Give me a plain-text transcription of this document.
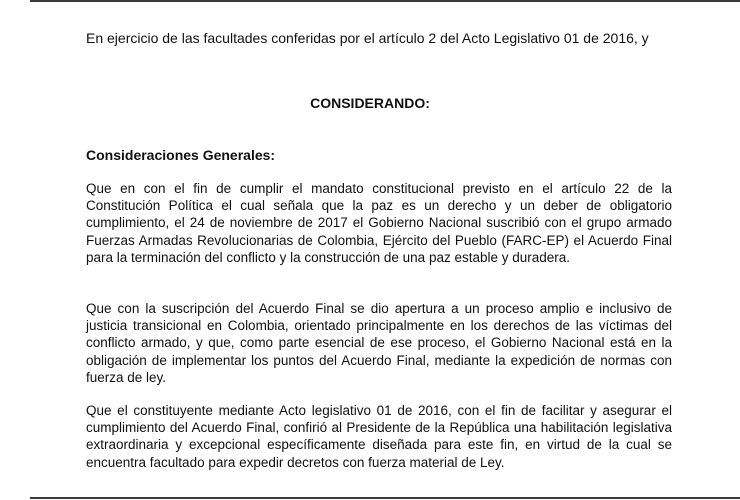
En ejercicio de las facultades conferidas por el artículo 2 del Acto Legislativo 01 de 2016, y
CONSIDERANDO:
Consideraciones Generales:
Que en con el fin de cumplir el mandato constitucional previsto en el artículo 22 de la Constitución Política el cual señala que la paz es un derecho y un deber de obligatorio cumplimiento, el 24 de noviembre de 2017 el Gobierno Nacional suscribió con el grupo armado Fuerzas Armadas Revolucionarias de Colombia, Ejército del Pueblo (FARC-EP) el Acuerdo Final para la terminación del conflicto y la construcción de una paz estable y duradera.
Que con la suscripción del Acuerdo Final se dio apertura a un proceso amplio e inclusivo de justicia transicional en Colombia, orientado principalmente en los derechos de las víctimas del conflicto armado, y que, como parte esencial de ese proceso, el Gobierno Nacional está en la obligación de implementar los puntos del Acuerdo Final, mediante la expedición de normas con fuerza de ley.
Que el constituyente mediante Acto legislativo 01 de 2016, con el fin de facilitar y asegurar el cumplimiento del Acuerdo Final, confirió al Presidente de la República una habilitación legislativa extraordinaria y excepcional específicamente diseñada para este fin, en virtud de la cual se encuentra facultado para expedir decretos con fuerza material de Ley.
